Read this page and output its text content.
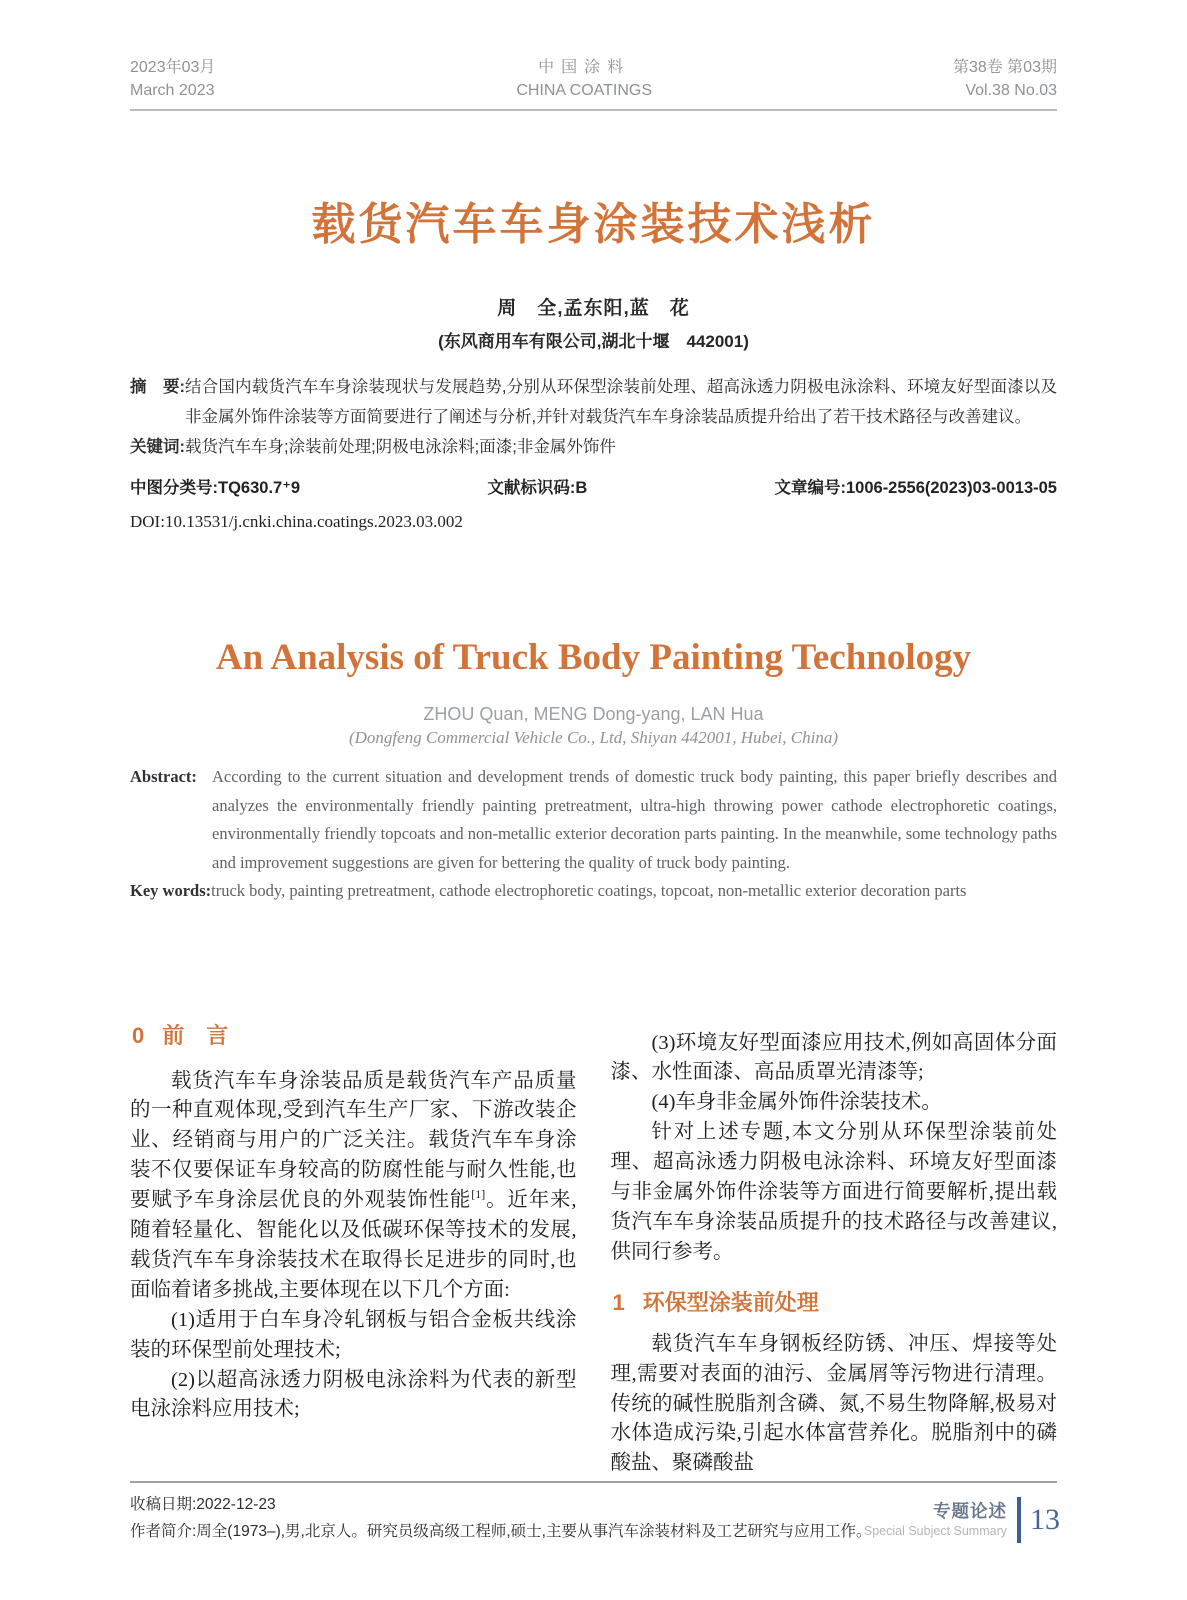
2023年03月
March 2023
中国涂料
CHINA COATINGS
第38卷 第03期
Vol.38 No.03
载货汽车车身涂装技术浅析
周　全,孟东阳,蓝　花
(东风商用车有限公司,湖北十堰　442001)
摘　要: 结合国内载货汽车车身涂装现状与发展趋势,分别从环保型涂装前处理、超高泳透力阴极电泳涂料、环境友好型面漆以及非金属外饰件涂装等方面简要进行了阐述与分析,并针对载货汽车车身涂装品质提升给出了若干技术路径与改善建议。
关键词: 载货汽车车身;涂装前处理;阴极电泳涂料;面漆;非金属外饰件
中图分类号:TQ630.7⁺9	文献标识码:B	文章编号:1006-2556(2023)03-0013-05
DOI:10.13531/j.cnki.china.coatings.2023.03.002
An Analysis of Truck Body Painting Technology
ZHOU Quan, MENG Dong-yang, LAN Hua
(Dongfeng Commercial Vehicle Co., Ltd, Shiyan 442001, Hubei, China)
Abstract: According to the current situation and development trends of domestic truck body painting, this paper briefly describes and analyzes the environmentally friendly painting pretreatment, ultra-high throwing power cathode electrophoretic coatings, environmentally friendly topcoats and non-metallic exterior decoration parts painting. In the meanwhile, some technology paths and improvement suggestions are given for bettering the quality of truck body painting.
Key words: truck body, painting pretreatment, cathode electrophoretic coatings, topcoat, non-metallic exterior decoration parts
0 前　言

载货汽车车身涂装品质是载货汽车产品质量的一种直观体现,受到汽车生产厂家、下游改装企业、经销商与用户的广泛关注。载货汽车车身涂装不仅要保证车身较高的防腐性能与耐久性能,也要赋予车身涂层优良的外观装饰性能[1]。近年来,随着轻量化、智能化以及低碳环保等技术的发展,载货汽车车身涂装技术在取得长足进步的同时,也面临着诸多挑战,主要体现在以下几个方面:

(1)适用于白车身冷轧钢板与铝合金板共线涂装的环保型前处理技术;

(2)以超高泳透力阴极电泳涂料为代表的新型电泳涂料应用技术;

(3)环境友好型面漆应用技术,例如高固体分面漆、水性面漆、高品质罩光清漆等;

(4)车身非金属外饰件涂装技术。

针对上述专题,本文分别从环保型涂装前处理、超高泳透力阴极电泳涂料、环境友好型面漆与非金属外饰件涂装等方面进行简要解析,提出载货汽车车身涂装品质提升的技术路径与改善建议,供同行参考。

1 环保型涂装前处理

载货汽车车身钢板经防锈、冲压、焊接等处理,需要对表面的油污、金属屑等污物进行清理。传统的碱性脱脂剂含磷、氮,不易生物降解,极易对水体造成污染,引起水体富营养化。脱脂剂中的磷酸盐、聚磷酸盐

收稿日期:2022-12-23
作者简介:周全(1973–),男,北京人。研究员级高级工程师,硕士,主要从事汽车涂装材料及工艺研究与应用工作。
专题论述
Special Subject Summary 13
